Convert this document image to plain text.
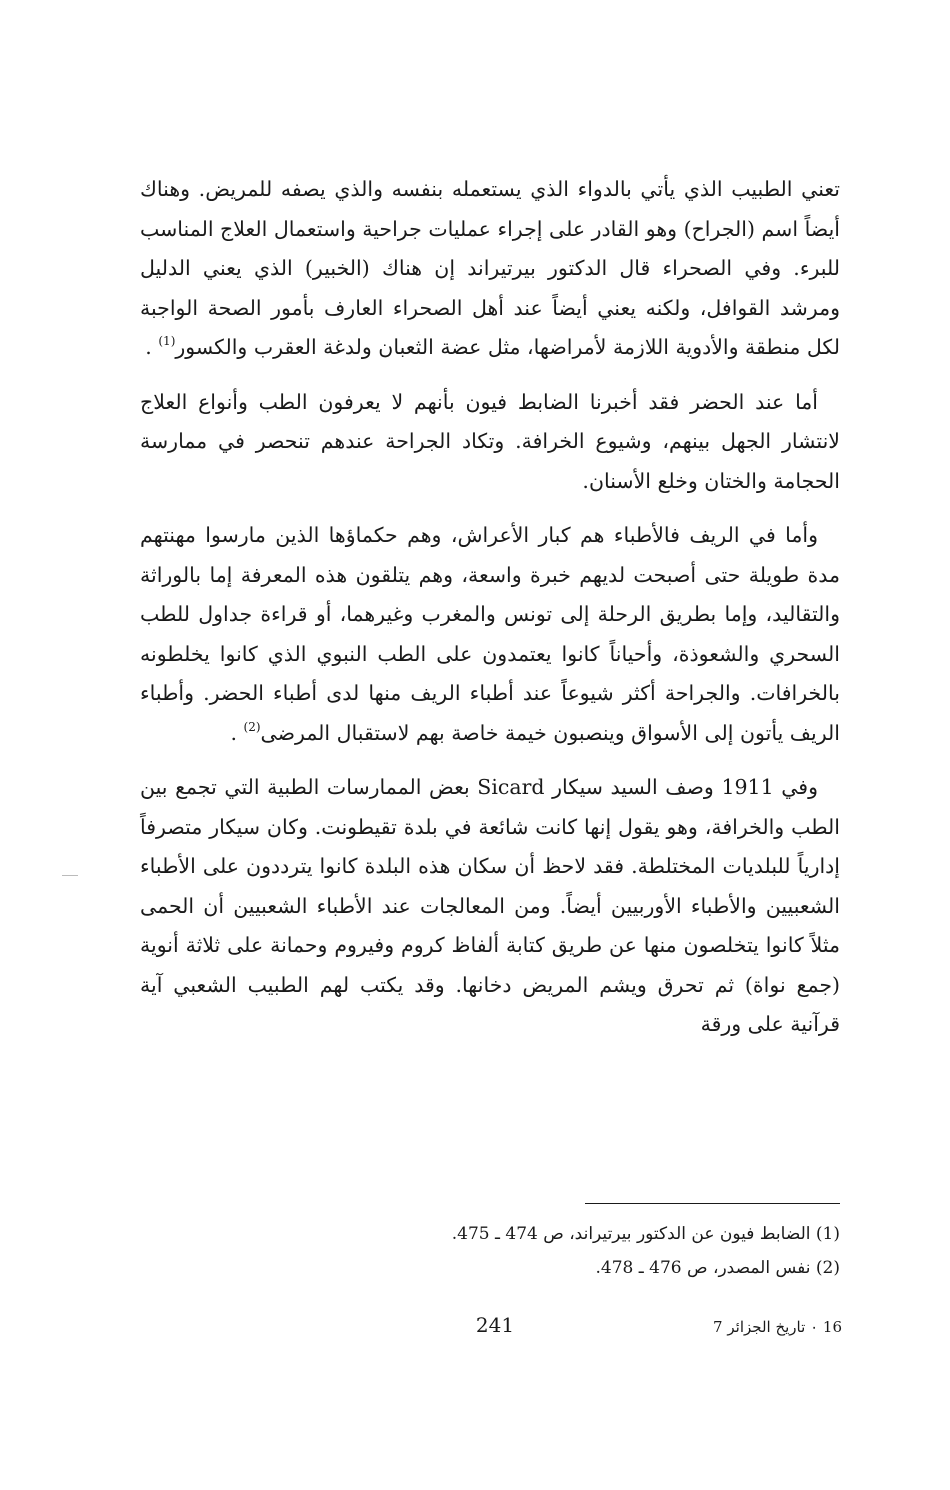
تعني الطبيب الذي يأتي بالدواء الذي يستعمله بنفسه والذي يصفه للمريض. وهناك أيضاً اسم (الجراح) وهو القادر على إجراء عمليات جراحية واستعمال العلاج المناسب للبرء. وفي الصحراء قال الدكتور بيرتيراند إن هناك (الخبير) الذي يعني الدليل ومرشد القوافل، ولكنه يعني أيضاً عند أهل الصحراء العارف بأمور الصحة الواجبة لكل منطقة والأدوية اللازمة لأمراضها، مثل عضة الثعبان ولدغة العقرب والكسور$^{(1)}$ .

أما عند الحضر فقد أخبرنا الضابط فيون بأنهم لا يعرفون الطب وأنواع العلاج لانتشار الجهل بينهم، وشيوع الخرافة. وتكاد الجراحة عندهم تنحصر في ممارسة الحجامة والختان وخلع الأسنان.

وأما في الريف فالأطباء هم كبار الأعراش، وهم حكماؤها الذين مارسوا مهنتهم مدة طويلة حتى أصبحت لديهم خبرة واسعة، وهم يتلقون هذه المعرفة إما بالوراثة والتقاليد، وإما بطريق الرحلة إلى تونس والمغرب وغيرهما، أو قراءة جداول للطب السحري والشعوذة، وأحياناً كانوا يعتمدون على الطب النبوي الذي كانوا يخلطونه بالخرافات. والجراحة أكثر شيوعاً عند أطباء الريف منها لدى أطباء الحضر. وأطباء الريف يأتون إلى الأسواق وينصبون خيمة خاصة بهم لاستقبال المرضى$^{(2)}$ .

وفي 1911 وصف السيد سيكار Sicard بعض الممارسات الطبية التي تجمع بين الطب والخرافة، وهو يقول إنها كانت شائعة في بلدة تقيطونت. وكان سيكار متصرفاً إدارياً للبلديات المختلطة. فقد لاحظ أن سكان هذه البلدة كانوا يترددون على الأطباء الشعبيين والأطباء الأوربيين أيضاً. ومن المعالجات عند الأطباء الشعبيين أن الحمى مثلاً كانوا يتخلصون منها عن طريق كتابة ألفاظ كروم وفيروم وحمانة على ثلاثة أنوية (جمع نواة) ثم تحرق ويشم المريض دخانها. وقد يكتب لهم الطبيب الشعبي آية قرآنية على ورقة

(1) الضابط فيون عن الدكتور بيرتيراند، ص 474 ـ 475.

(2) نفس المصدر، ص 476 ـ 478.

241	16 ۰ تاريخ الجزائر 7
